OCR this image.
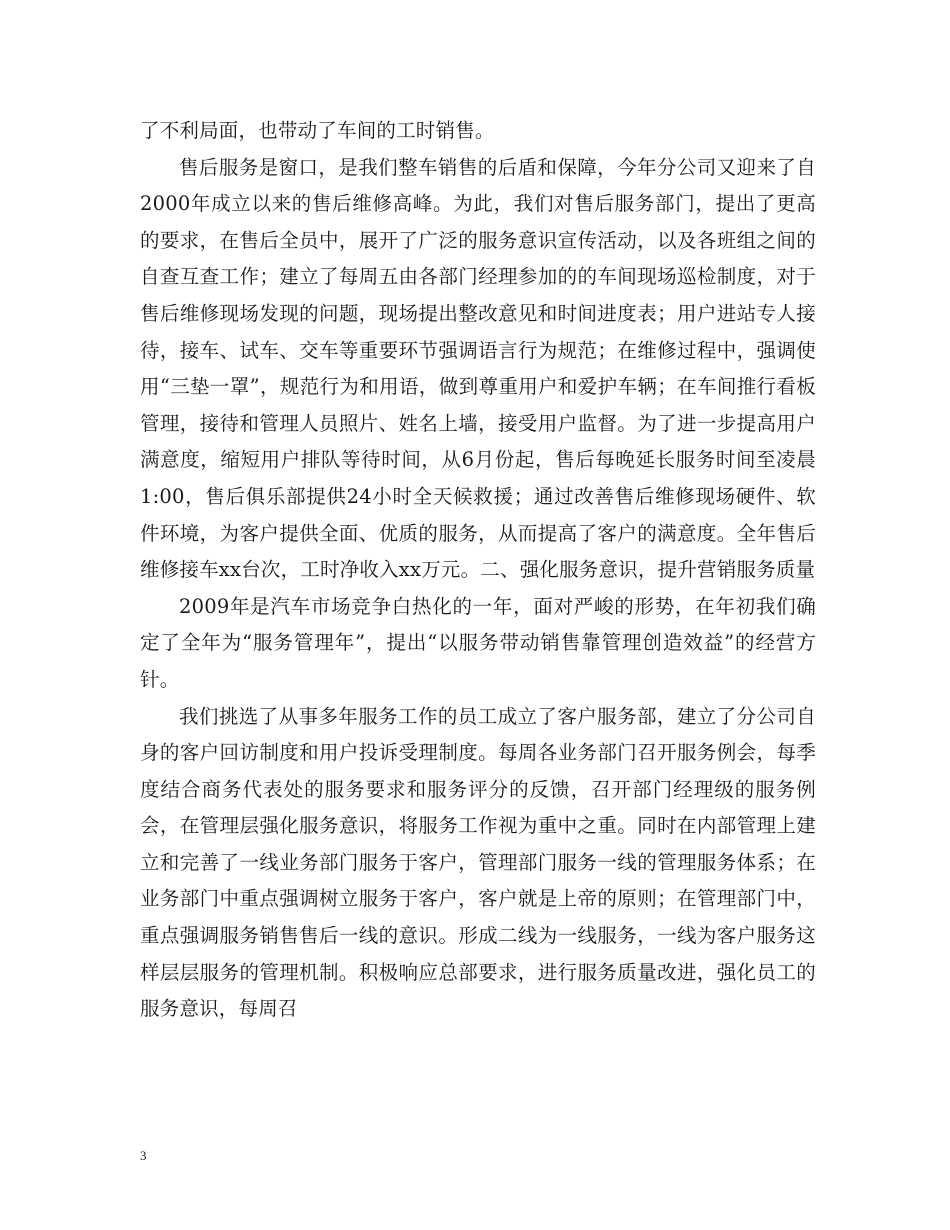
了不利局面，也带动了车间的工时销售。

售后服务是窗口，是我们整车销售的后盾和保障，今年分公司又迎来了自2000年成立以来的售后维修高峰。为此，我们对售后服务部门，提出了更高的要求，在售后全员中，展开了广泛的服务意识宣传活动，以及各班组之间的自查互查工作；建立了每周五由各部门经理参加的的车间现场巡检制度，对于售后维修现场发现的问题，现场提出整改意见和时间进度表；用户进站专人接待，接车、试车、交车等重要环节强调语言行为规范；在维修过程中，强调使用“三垫一罩”，规范行为和用语，做到尊重用户和爱护车辆；在车间推行看板管理，接待和管理人员照片、姓名上墙，接受用户监督。为了进一步提高用户满意度，缩短用户排队等待时间，从6月份起，售后每晚延长服务时间至凌晨1:00，售后俱乐部提供24小时全天候救援；通过改善售后维修现场硬件、软件环境，为客户提供全面、优质的服务，从而提高了客户的满意度。全年售后维修接车xx台次，工时净收入xx万元。二、强化服务意识，提升营销服务质量

2009年是汽车市场竞争白热化的一年，面对严峻的形势，在年初我们确定了全年为“服务管理年”，提出“以服务带动销售靠管理创造效益”的经营方针。

我们挑选了从事多年服务工作的员工成立了客户服务部，建立了分公司自身的客户回访制度和用户投诉受理制度。每周各业务部门召开服务例会，每季度结合商务代表处的服务要求和服务评分的反馈，召开部门经理级的服务例会，在管理层强化服务意识，将服务工作视为重中之重。同时在内部管理上建立和完善了一线业务部门服务于客户，管理部门服务一线的管理服务体系；在业务部门中重点强调树立服务于客户，客户就是上帝的原则；在管理部门中，重点强调服务销售售后一线的意识。形成二线为一线服务，一线为客户服务这样层层服务的管理机制。积极响应总部要求，进行服务质量改进，强化员工的服务意识，每周召

3
